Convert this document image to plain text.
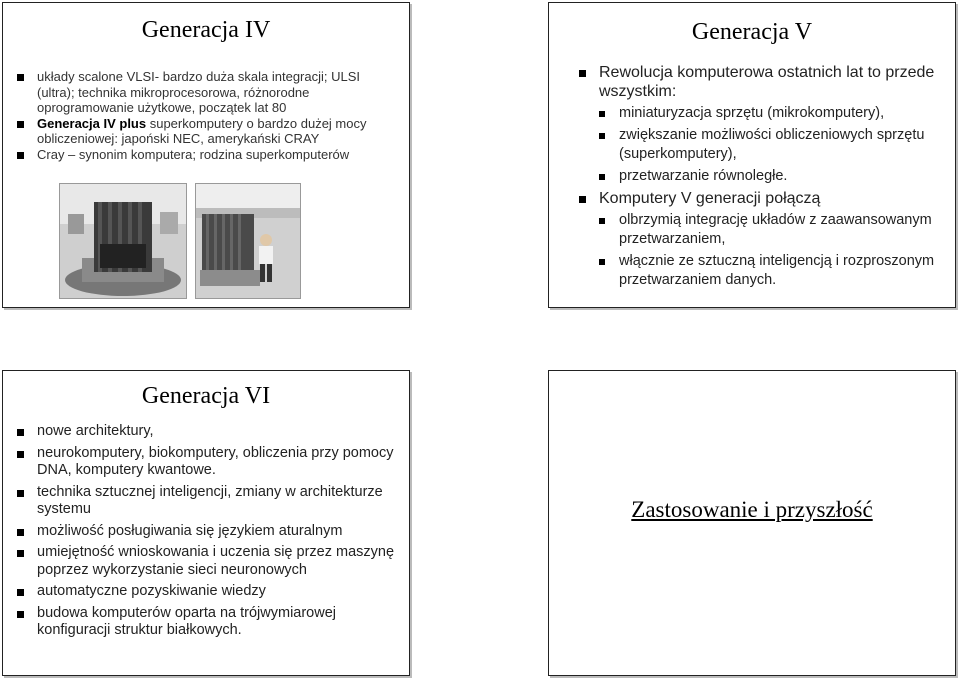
Generacja IV
układy scalone VLSI- bardzo duża skala integracji; ULSI (ultra); technika mikroprocesorowa, różnorodne oprogramowanie użytkowe, początek lat 80
Generacja IV plus superkomputery o bardzo dużej mocy obliczeniowej: japoński NEC, amerykański CRAY
Cray – synonim komputera; rodzina superkomputerów
Generacja V
Rewolucja komputerowa ostatnich lat to przede wszystkim:
miniaturyzacja sprzętu (mikrokomputery),
zwiększanie możliwości obliczeniowych sprzętu (superkomputery),
przetwarzanie równoległe.
Komputery V generacji połączą
olbrzymią integrację układów z zaawansowanym przetwarzaniem,
włącznie ze sztuczną inteligencją i rozproszonym przetwarzaniem danych.
Generacja VI
nowe architektury,
neurokomputery, biokomputery, obliczenia przy pomocy DNA, komputery kwantowe.
technika sztucznej inteligencji, zmiany w architekturze systemu
możliwość posługiwania się językiem aturalnym
umiejętność wnioskowania i uczenia się przez maszynę poprzez wykorzystanie sieci neuronowych
automatyczne pozyskiwanie wiedzy
budowa komputerów oparta na trójwymiarowej konfiguracji struktur białkowych.
Zastosowanie i przyszłość
